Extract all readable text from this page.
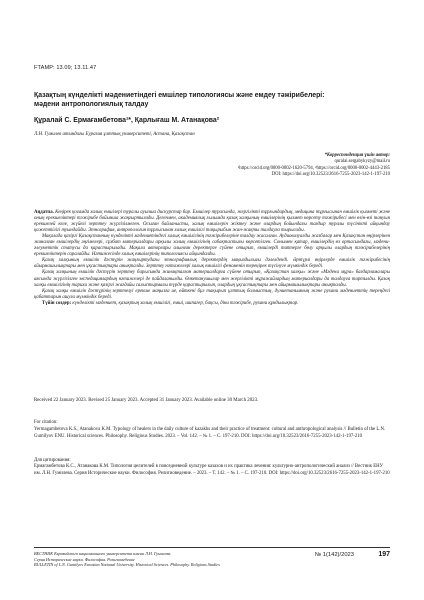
FTAMP: 13.09; 13.11.47
Қазақтың күнделікті мәдениетіндегі емшілер типологиясы және емдеу тәжірибелері: мәдени антропологиялық талдау
Құралай С. Ермағамбетова¹*, Қарлығаш М. Атанақова²
Л.Н. Гумилев атындағы Еуразия ұлттық университеті, Астана, Қазақстан
*Корреспонденция үшін автор:
quralai.sergabykyzy@mail.ru
¹https://orcid.org/0000-0002-1620-5794, ²https://orcid.org/0000-0002-4443-2185
DOI: https://doi.org/10.32523/2616-7255-2023-142-1-197-210

Аңдатпа. Кеңірек қоғамда халық емшілері туралы ауызша дискурстар бар. Емшілер турасында, жергілікті тұрғындардың, медицина тұрғысынан емшілік қызметі және оның ерекшеліктері тәжірибе бойынша жаңғыртылады. Дегенмен, академиялық ғылымда қазақ халқының емшілерінің қызмет көрсету тәжірибесі мен өзін-өзі тануын ерекшелей келе, жүйелі зерттеу жүргізілмеген. Осыған байланысты, халық емшілерін жіктеу және олардың бойындағы тағдыр туралы түсінікті айқындау қажеттілігі туындайды. Этнография, антропология тұрғысынан халық емшілігі тақырыбын жан-жақты талдауға тырысады.

Мақалада қазіргі Қазақстанның күнделікті мәдениетіндегі халық емшілігінің тәжірибелеріне талдау жасалған. Аудиовизуалды жазбалар мен Қазақстан өңірлерінен жиналған емшілердің әңгімелері, сұхбат материалдары арқылы халық емшілігінің сабақтастығы көрсетілген. Сонымен қатар, емшілердің өз ортасындағы, мәдени-әлеуметтік статусы да қарастырылады. Мақала авторлары алынған деректерге сүйене отырып, емшілерді типтерге бөлу арқылы олардың тәжірибелерінің ерекшеліктерін саралайды. Нәтижесінде халық емшілерінің типологиясы айқындалды.

Қазақ халқының емшілік дәстүрін жаңғыртудағы этнографиялық деректердің маңыздылығы дәлелденді. Әртүрлі өңірлерде емшілік тәжірибесінің айырмашылықтары мен ұқсастықтары анықталды. Зерттеу нәтижелері халық емшілігі феноменін тереңірек түсінуге мүмкіндік береді.

Қазақ халқының емшілік дәстүрін зерттеу барысында жинақталған материалдарға сүйене отырып, «Қазақстан халқы» және «Мәдени мұра» бағдарламалары аясында жүргізілген экспедициялардың нәтижелері де пайдаланылды. Өлкетанушылар мен жергілікті мұражайлардың материалдары да талдауға тартылды. Қазақ халқы емшілігінің тарихи және қазіргі жағдайы салыстырмалы түрде қарастырылып, олардың ұқсастықтары мен айырмашылықтары анықталды.

Қазақ халқы емшілік дәстүрінің зерттелуі ерекше маңызға ие, өйткені бұл тақырып ұлттық болмыстың, дүниетанымның және рухани мәдениеттің тереңдегі қабаттарын ашуға мүмкіндік береді.

Түйін сөздер: күнделікті мәдениет, қазақтың халық емшілігі, емші, шипагер, бақсы, діни тәжірибе, рухани құндылықтар.

Received 22 January 2023. Revised 25 January 2023. Accepted 31 January 2023. Available online 30 March 2023.
For citation:
Yermagambetova K.S., Atanakova K.M. Typology of healers in the daily culture of kazakhs and their practice of treatment: cultural and anthropological analysis // Bulletin of the L.N. Gumilyov ENU. Historical sciences. Philosophy. Religious Studies. 2023. – Vol. 142. – № 1. – С. 197-210. DOI: https://doi.org/10.32523/2616-7255-2023-142-1-197-210
Для цитирования:
Ермагамбетова К.С., Атанакова К.М. Типология целителей в повседневной культуре казахов и их практика лечения: культурно-антропологический анализ // Вестник ЕНУ им. Л.Н. Гумилева. Серия Исторические науки. Философия. Религиоведение. – 2023. – Т. 142. – № 1. – С. 197-210. DOI: https://doi.org/10.32523/2616-7255-2023-142-1-197-210
ВЕСТНИК Евразийского национального университета имени Л.Н. Гумилева.
Серия Исторические науки. Философия. Религиоведение
BULLETIN of L.N. Gumilyov Eurasian National University. Historical Sciences. Philosophy. Religious Studies
№ 1(142)/2023	197
